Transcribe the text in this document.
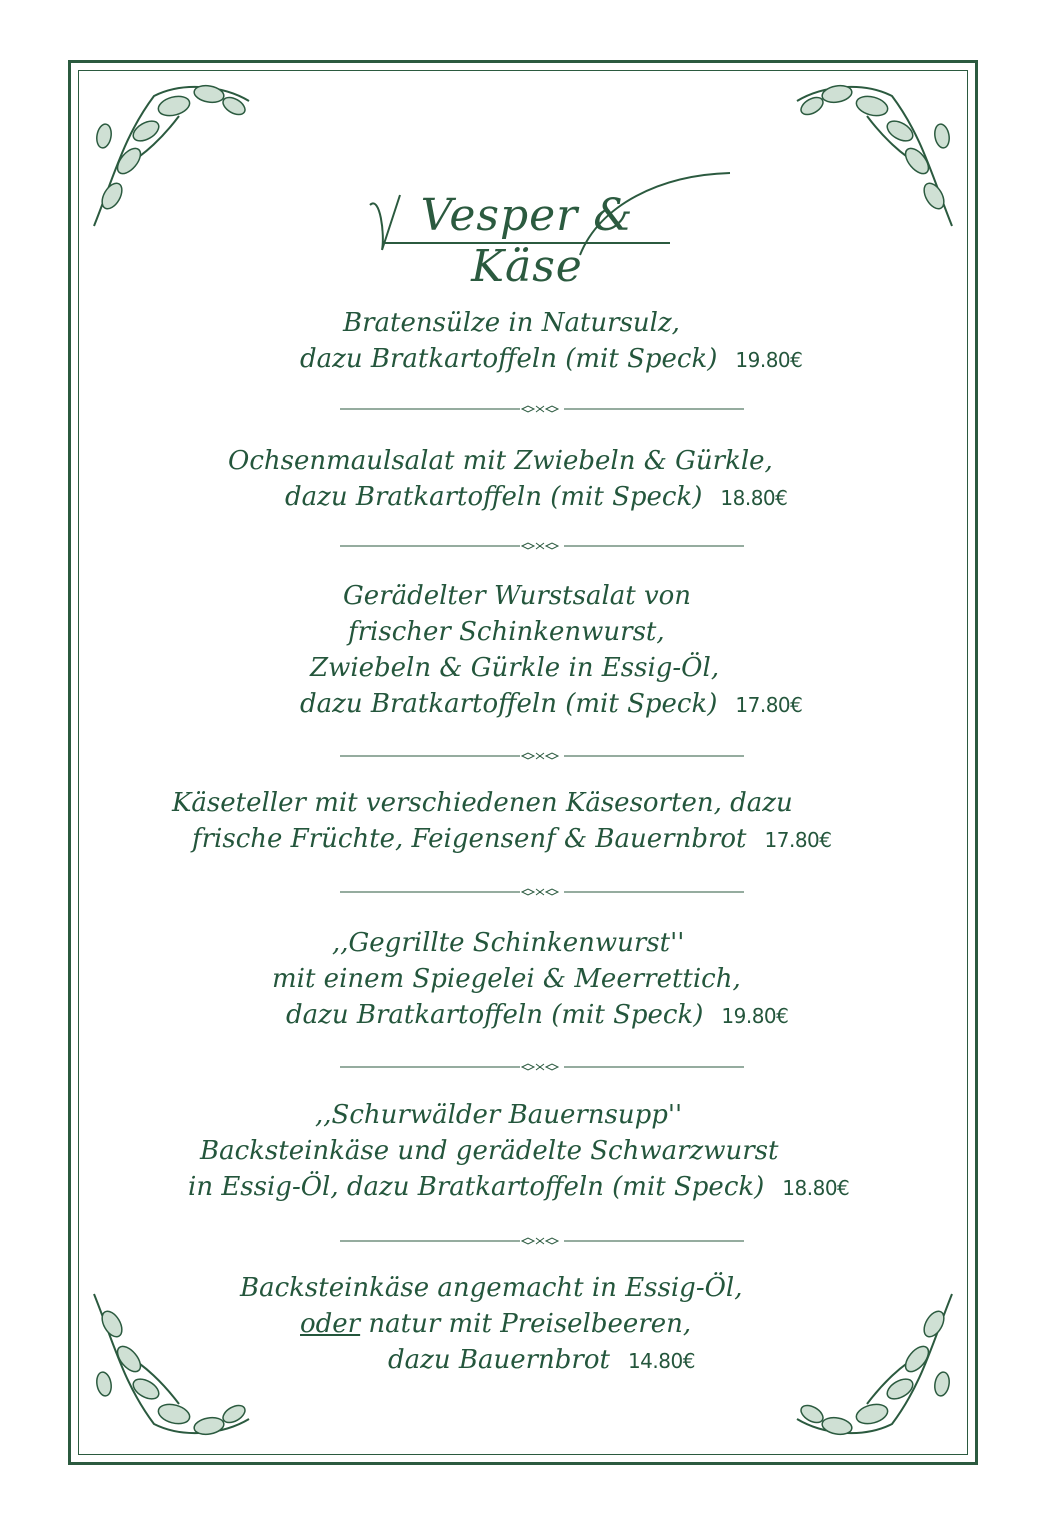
Vesper & Käse
Bratensülze in Natursulz,
dazu Bratkartoffeln (mit Speck) 19.80€
Ochsenmaulsalat mit Zwiebeln & Gürkle,
dazu Bratkartoffeln (mit Speck) 18.80€
Gerädelter Wurstsalat von
frischer Schinkenwurst,
Zwiebeln & Gürkle in Essig-Öl,
dazu Bratkartoffeln (mit Speck) 17.80€
Käseteller mit verschiedenen Käsesorten, dazu
frische Früchte, Feigensenf & Bauernbrot 17.80€
,,Gegrillte Schinkenwurst''
mit einem Spiegelei & Meerrettich,
dazu Bratkartoffeln (mit Speck) 19.80€
,,Schurwälder Bauernsupp''
Backsteinkäse und gerädelte Schwarzwurst
in Essig-Öl, dazu Bratkartoffeln (mit Speck) 18.80€
Backsteinkäse angemacht in Essig-Öl,
oder natur mit Preiselbeeren,
dazu Bauernbrot 14.80€
